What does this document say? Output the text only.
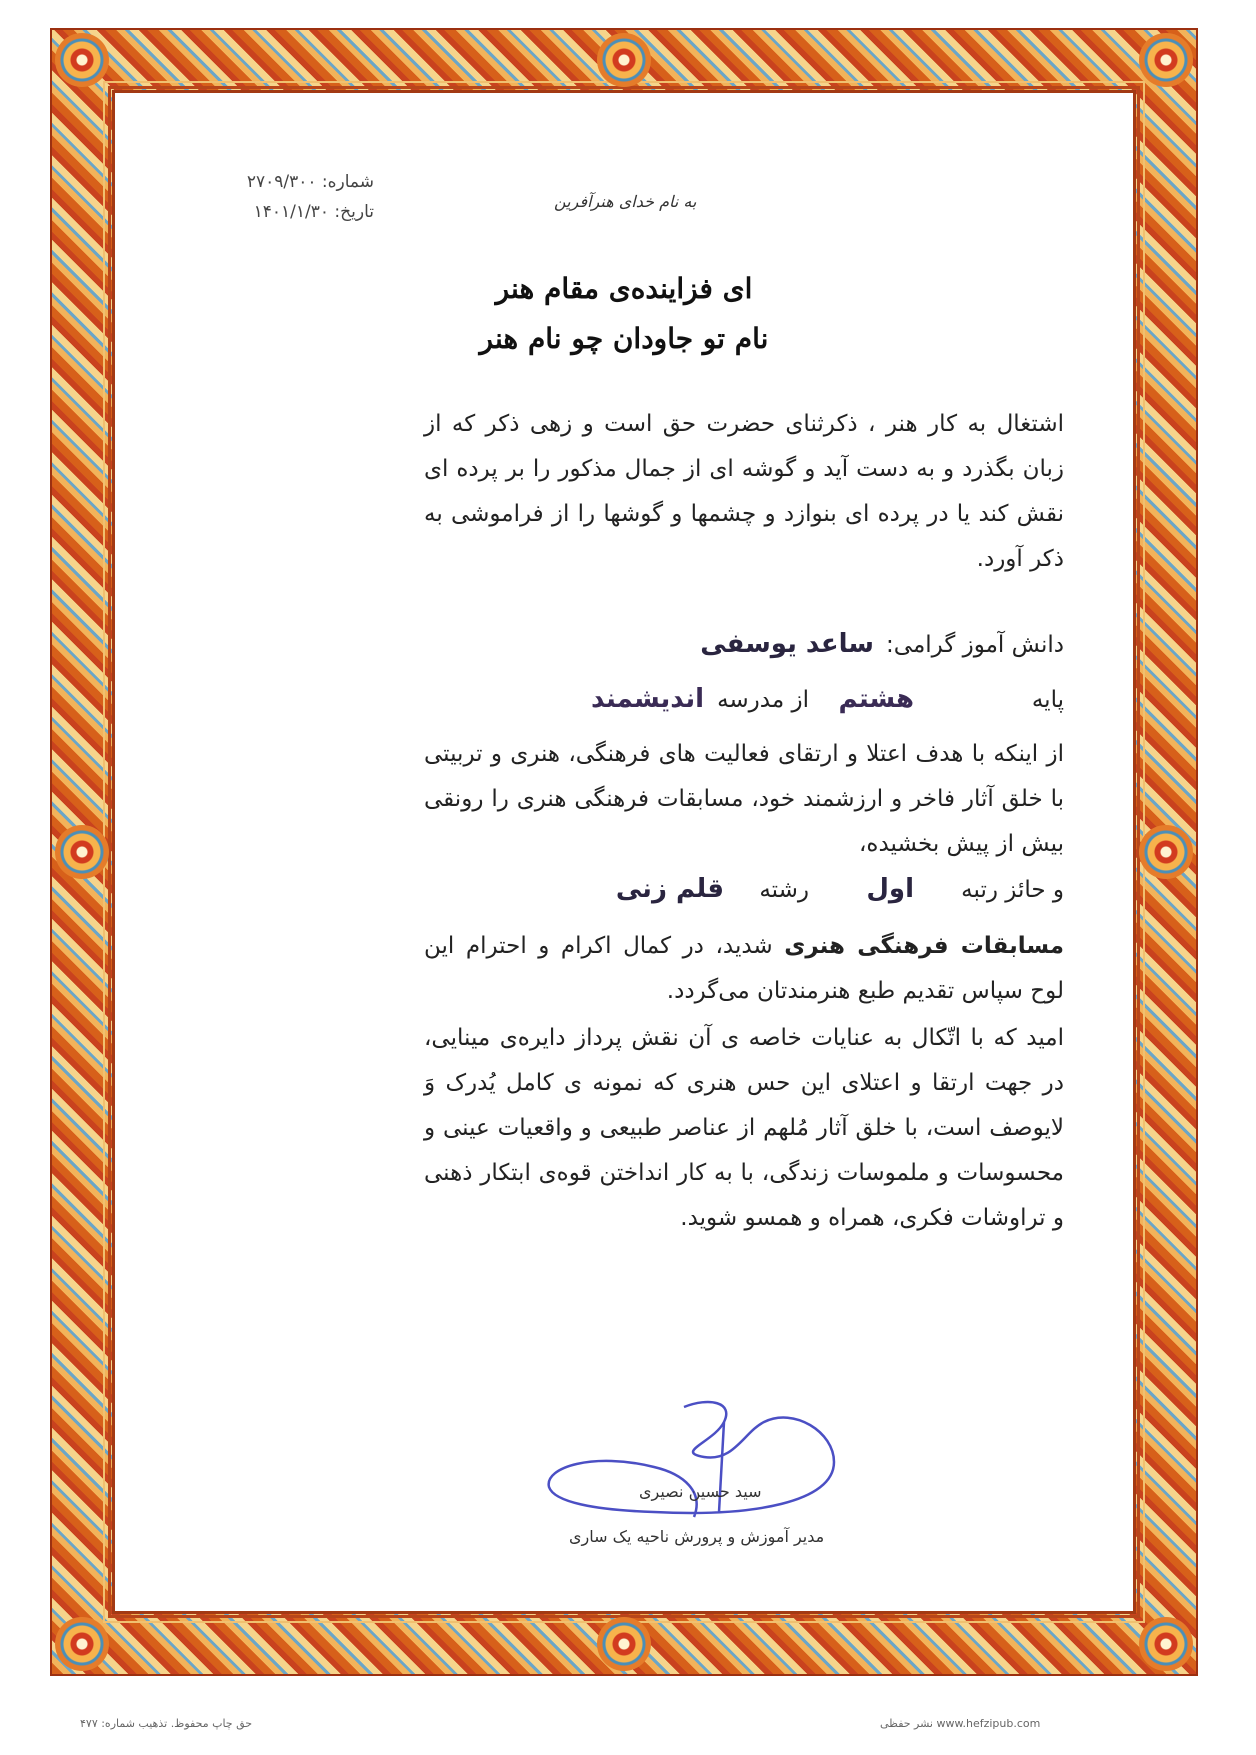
شماره: ۲۷۰۹/۳۰۰
تاریخ: ۱۴۰۱/۱/۳۰
به نام خدای هنرآفرین
ای فزاینده‌ی مقام هنر
نام تو جاودان چو نام هنر
اشتغال به کار هنر ، ذکرثنای حضرت حق است و زهی ذکر که از زبان بگذرد و به دست آید و گوشه ای از جمال مذکور را بر پرده ای نقش کند یا در پرده ای بنوازد و چشمها و گوشها را از فراموشی به ذکر آورد.
دانش آموز گرامی:
ساعد یوسفی
پایه
هشتم
از مدرسه
اندیشمند
از اینکه با هدف اعتلا و ارتقای فعالیت های فرهنگی، هنری و تربیتی با خلق آثار فاخر و ارزشمند خود، مسابقات فرهنگی هنری را رونقی بیش از پیش بخشیده،
و حائز رتبه
اول
رشته
قلم زنی
مسابقات فرهنگی هنری شدید، در کمال اکرام و احترام این لوح سپاس تقدیم طبع هنرمندتان می‌گردد.
امید که با اتّکال به عنایات خاصه ی آن نقش پرداز دایره‌ی مینایی، در جهت ارتقا و اعتلای این حس هنری که نمونه ی کامل یُدرک وَ لایوصف است، با خلق آثار مُلهم از عناصر طبیعی و واقعیات عینی و محسوسات و ملموسات زندگی، با به کار انداختن قوه‌ی ابتکار ذهنی و تراوشات فکری، همراه و همسو شوید.
سید حسین نصیری
مدیر آموزش و پرورش ناحیه یک ساری
حق چاپ محفوظ. تذهیب شماره: ۴۷۷	www.hefzipub.com نشر حفظی
